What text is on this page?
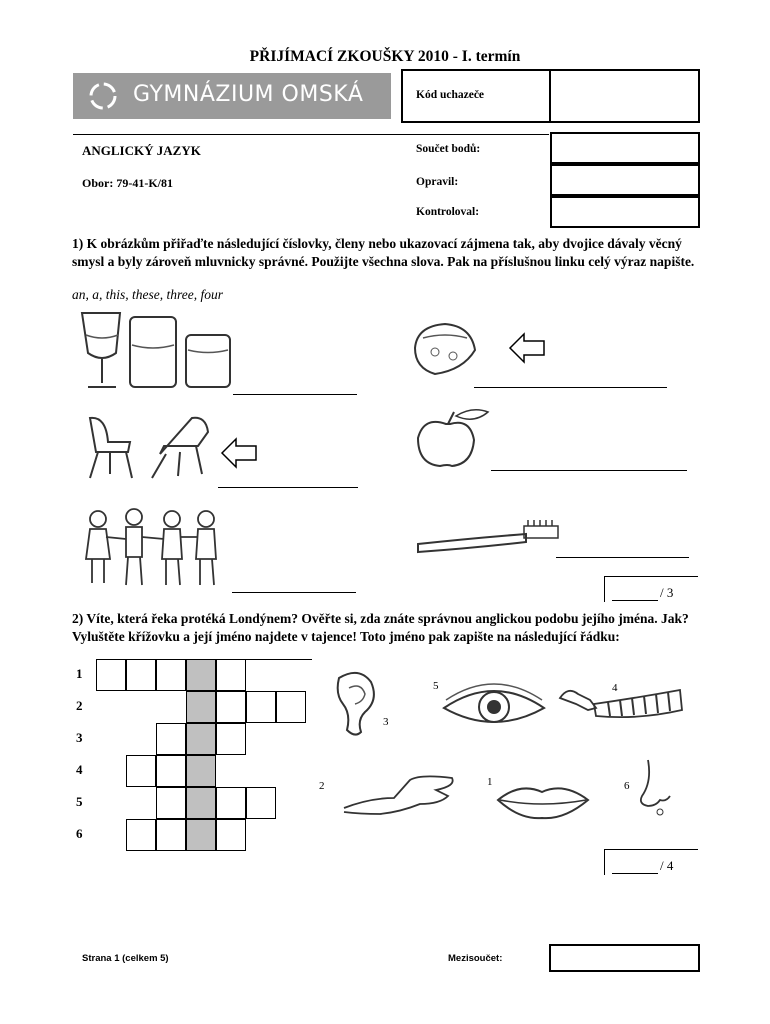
PŘIJÍMACÍ ZKOUŠKY 2010 - I. termín
GYMNÁZIUM OMSKÁ	Kód uchazeče
ANGLICKÝ JAZYK
Obor: 79-41-K/81
Součet bodů:
Opravil:
Kontroloval:
1) K obrázkům přiřaďte následující číslovky, členy nebo ukazovací zájmena tak, aby dvojice dávaly věcný smysl a byly zároveň mluvnicky správné. Použijte všechna slova. Pak na příslušnou linku celý výraz napište.
an, a, this, these, three, four
/ 3
2) Víte, která řeka protéká Londýnem? Ověřte si, zda znáte správnou anglickou podobu jejího jména. Jak? Vyluštěte křížovku a její jméno najdete v tajence! Toto jméno pak zapište na následující řádku:
1
2
3
4
5
6
3
5	4
2	1	6
/ 4
Strana 1 (celkem 5)	Mezisoučet:
